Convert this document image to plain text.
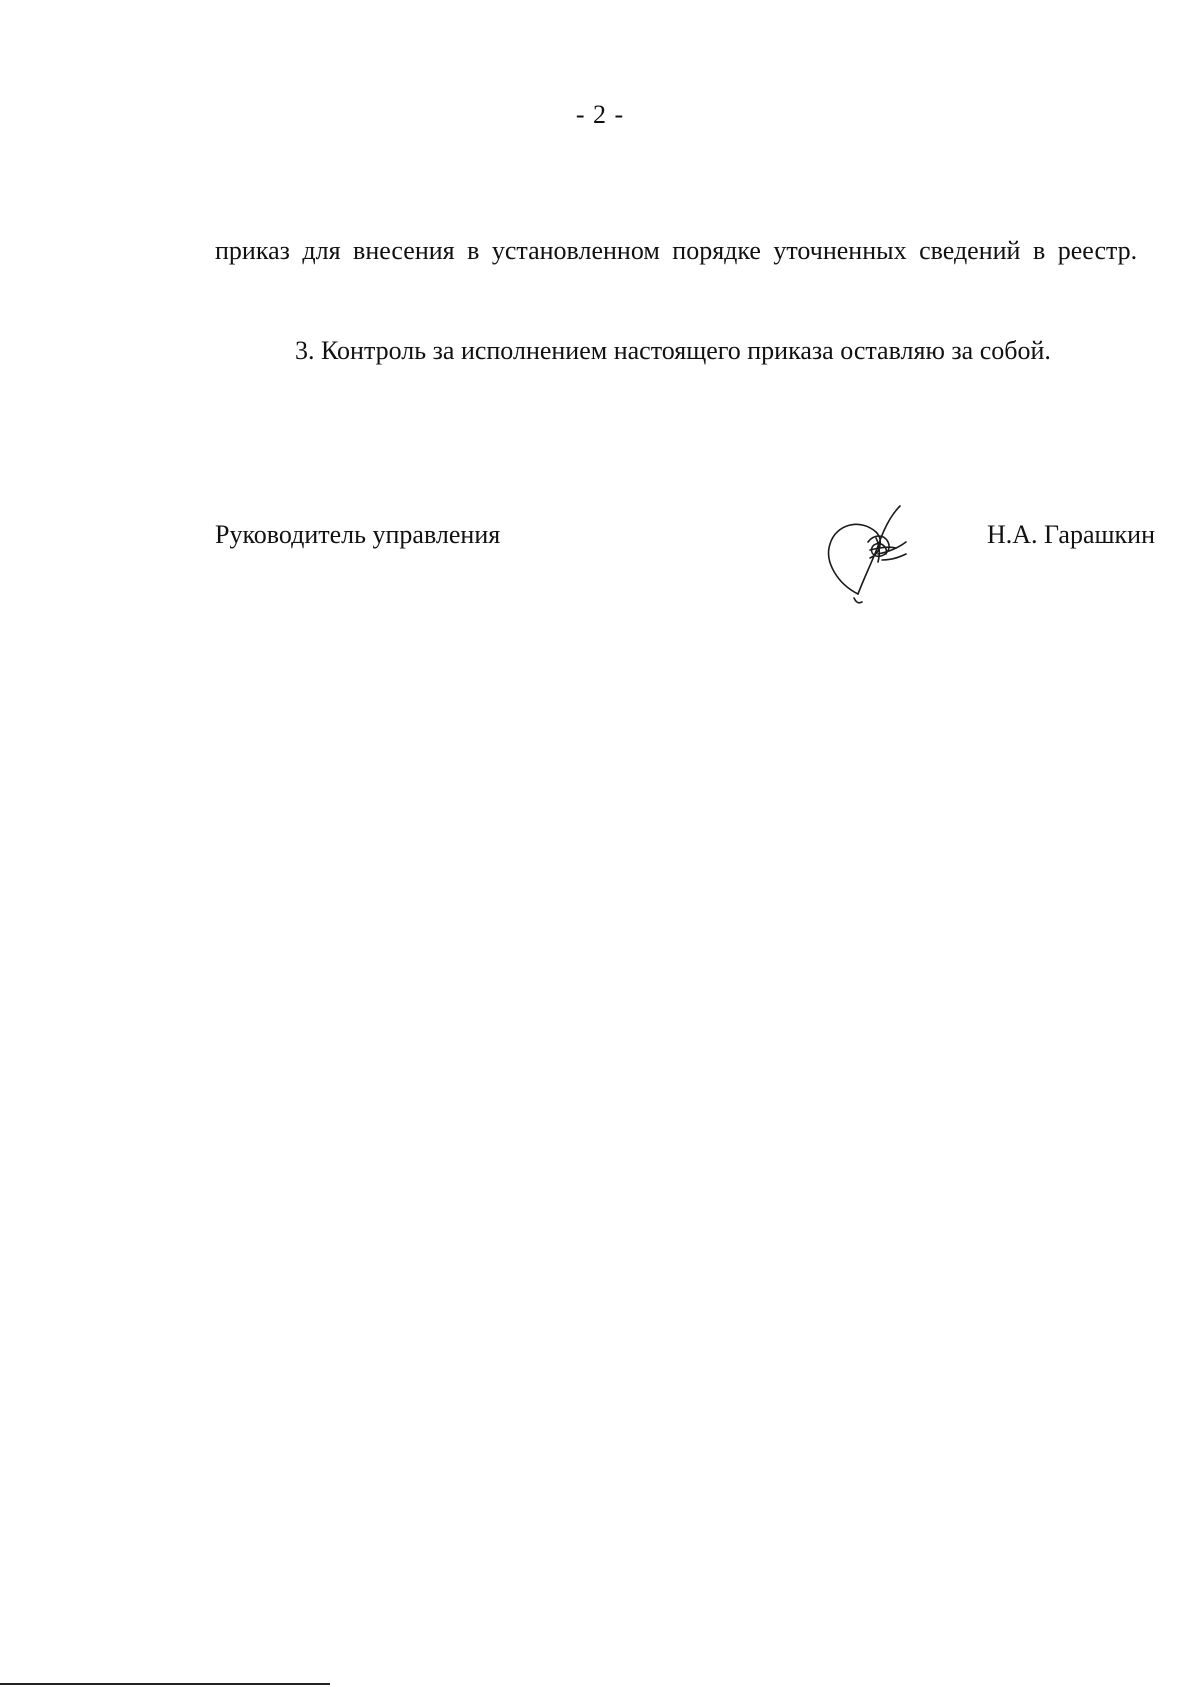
- 2 -
приказ для внесения в установленном порядке уточненных сведений в реестр.
3. Контроль за исполнением настоящего приказа оставляю за собой.
Руководитель управления	Н.А. Гарашкин
